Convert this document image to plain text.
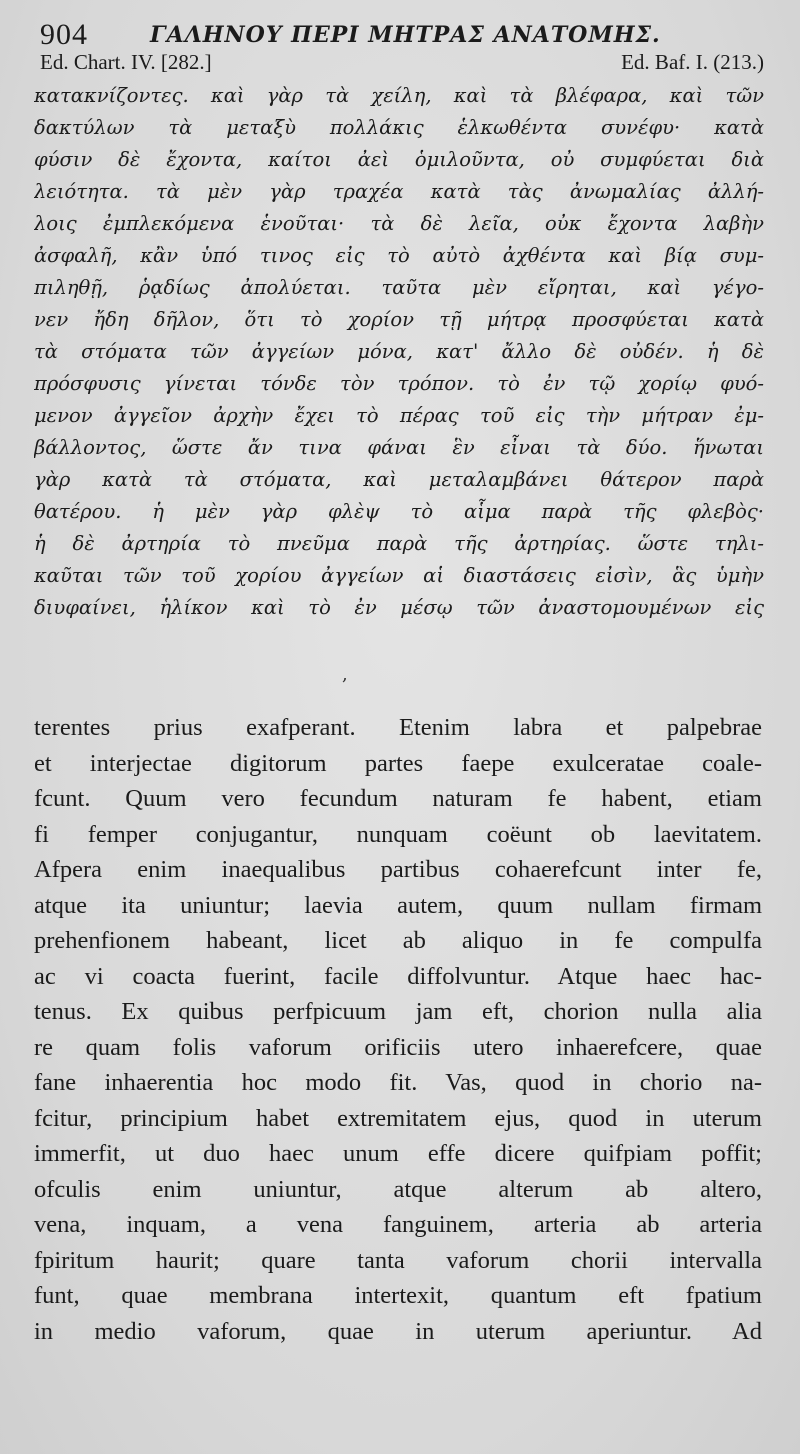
904	ΓΑΛΗΝΟΥ ΠΕΡΙ ΜΗΤΡΑΣ ΑΝΑΤΟΜΗΣ.
Ed. Chart. IV. [282.]	Ed. Baf. I. (213.)
κατακνίζοντες. καὶ γὰρ τὰ χείλη, καὶ τὰ βλέφαρα, καὶ τῶν
δακτύλων τὰ μεταξὺ πολλάκις ἑλκωθέντα συνέφυ· κατὰ
φύσιν δὲ ἔχοντα, καίτοι ἀεὶ ὁμιλοῦντα, οὐ συμφύεται διὰ
λειότητα. τὰ μὲν γὰρ τραχέα κατὰ τὰς ἀνωμαλίας ἀλλή-
λοις ἐμπλεκόμενα ἑνοῦται· τὰ δὲ λεῖα, οὐκ ἔχοντα λαβὴν
ἀσφαλῆ, κἂν ὑπό τινος εἰς τὸ αὐτὸ ἀχθέντα καὶ βίᾳ συμ-
πιληθῇ, ῥᾳδίως ἀπολύεται. ταῦτα μὲν εἴρηται, καὶ γέγο-
νεν ἤδη δῆλον, ὅτι τὸ χορίον τῇ μήτρᾳ προσφύεται κατὰ
τὰ στόματα τῶν ἀγγείων μόνα, κατ' ἄλλο δὲ οὐδέν. ἡ δὲ
πρόσφυσις γίνεται τόνδε τὸν τρόπον. τὸ ἐν τῷ χορίῳ φυό-
μενον ἀγγεῖον ἀρχὴν ἔχει τὸ πέρας τοῦ εἰς τὴν μήτραν ἐμ-
βάλλοντος, ὥστε ἄν τινα φάναι ἓν εἶναι τὰ δύο. ἥνωται
γὰρ κατὰ τὰ στόματα, καὶ μεταλαμβάνει θάτερον παρὰ
θατέρου. ἡ μὲν γὰρ φλὲψ τὸ αἷμα παρὰ τῆς φλεβὸς·
ἡ δὲ ἀρτηρία τὸ πνεῦμα παρὰ τῆς ἀρτηρίας. ὥστε τηλι-
καῦται τῶν τοῦ χορίου ἀγγείων αἱ διαστάσεις εἰσὶν, ἃς ὑμὴν
διυφαίνει, ἡλίκον καὶ τὸ ἐν μέσῳ τῶν ἀναστομουμένων εἰς
,
terentes prius exafperant. Etenim labra et palpebrae
et interjectae digitorum partes faepe exulceratae coale-
fcunt. Quum vero fecundum naturam fe habent, etiam
fi femper conjugantur, nunquam coëunt ob laevitatem.
Afpera enim inaequalibus partibus cohaerefcunt inter fe,
atque ita uniuntur; laevia autem, quum nullam firmam
prehenfionem habeant, licet ab aliquo in fe compulfa
ac vi coacta fuerint, facile diffolvuntur. Atque haec hac-
tenus. Ex quibus perfpicuum jam eft, chorion nulla alia
re quam folis vaforum orificiis utero inhaerefcere, quae
fane inhaerentia hoc modo fit. Vas, quod in chorio na-
fcitur, principium habet extremitatem ejus, quod in uterum
immerfit, ut duo haec unum effe dicere quifpiam poffit;
ofculis enim uniuntur, atque alterum ab altero,
vena, inquam, a vena fanguinem, arteria ab arteria
fpiritum haurit; quare tanta vaforum chorii intervalla
funt, quae membrana intertexit, quantum eft fpatium
in medio vaforum, quae in uterum aperiuntur. Ad
